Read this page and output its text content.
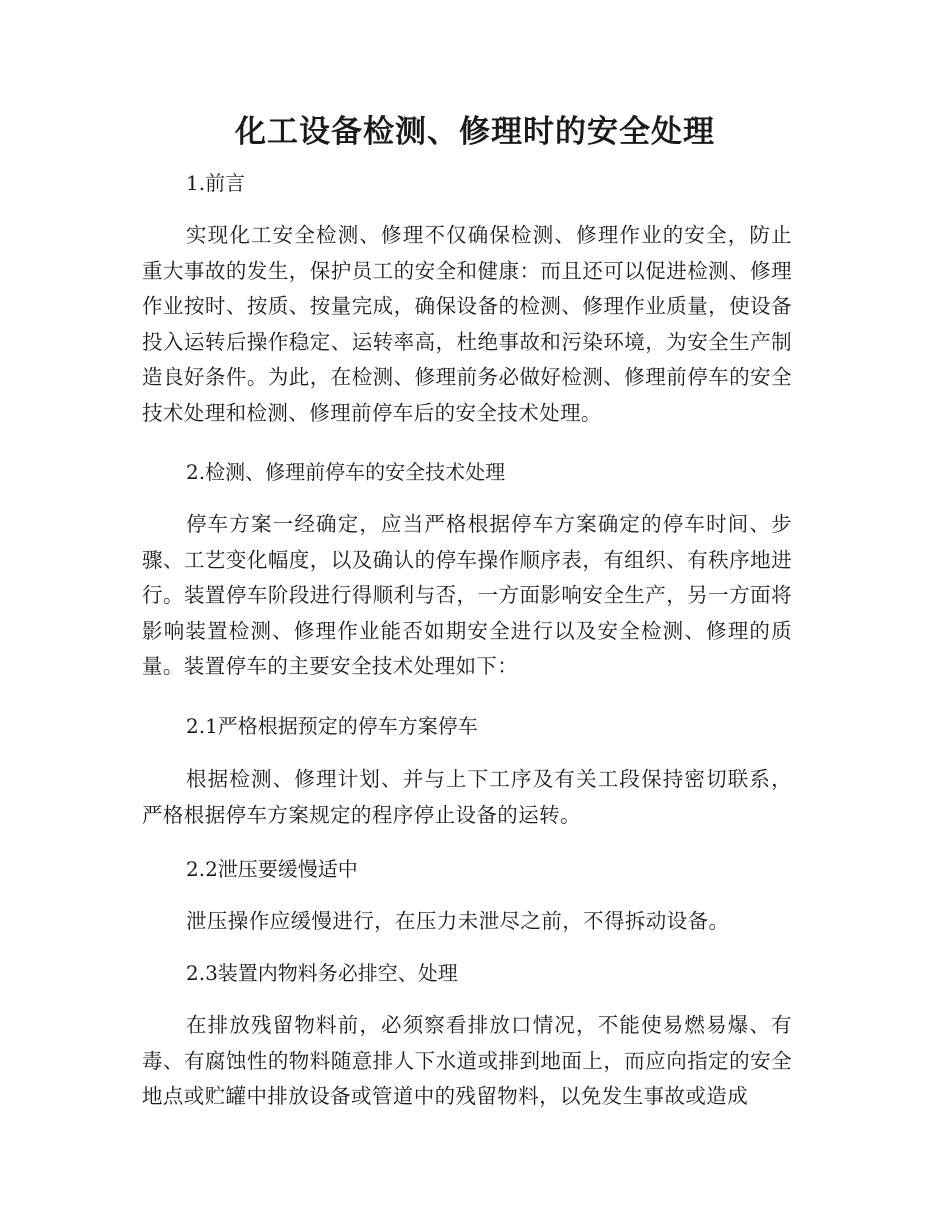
化工设备检测、修理时的安全处理

1.前言

实现化工安全检测、修理不仅确保检测、修理作业的安全，防止重大事故的发生，保护员工的安全和健康：而且还可以促进检测、修理作业按时、按质、按量完成，确保设备的检测、修理作业质量，使设备投入运转后操作稳定、运转率高，杜绝事故和污染环境，为安全生产制造良好条件。为此，在检测、修理前务必做好检测、修理前停车的安全技术处理和检测、修理前停车后的安全技术处理。

2.检测、修理前停车的安全技术处理

停车方案一经确定，应当严格根据停车方案确定的停车时间、步骤、工艺变化幅度，以及确认的停车操作顺序表，有组织、有秩序地进行。装置停车阶段进行得顺利与否，一方面影响安全生产，另一方面将影响装置检测、修理作业能否如期安全进行以及安全检测、修理的质量。装置停车的主要安全技术处理如下：

2.1严格根据预定的停车方案停车

根据检测、修理计划、并与上下工序及有关工段保持密切联系，严格根据停车方案规定的程序停止设备的运转。

2.2泄压要缓慢适中

泄压操作应缓慢进行，在压力未泄尽之前，不得拆动设备。

2.3装置内物料务必排空、处理

在排放残留物料前，必须察看排放口情况，不能使易燃易爆、有毒、有腐蚀性的物料随意排人下水道或排到地面上，而应向指定的安全地点或贮罐中排放设备或管道中的残留物料，以免发生事故或造成
